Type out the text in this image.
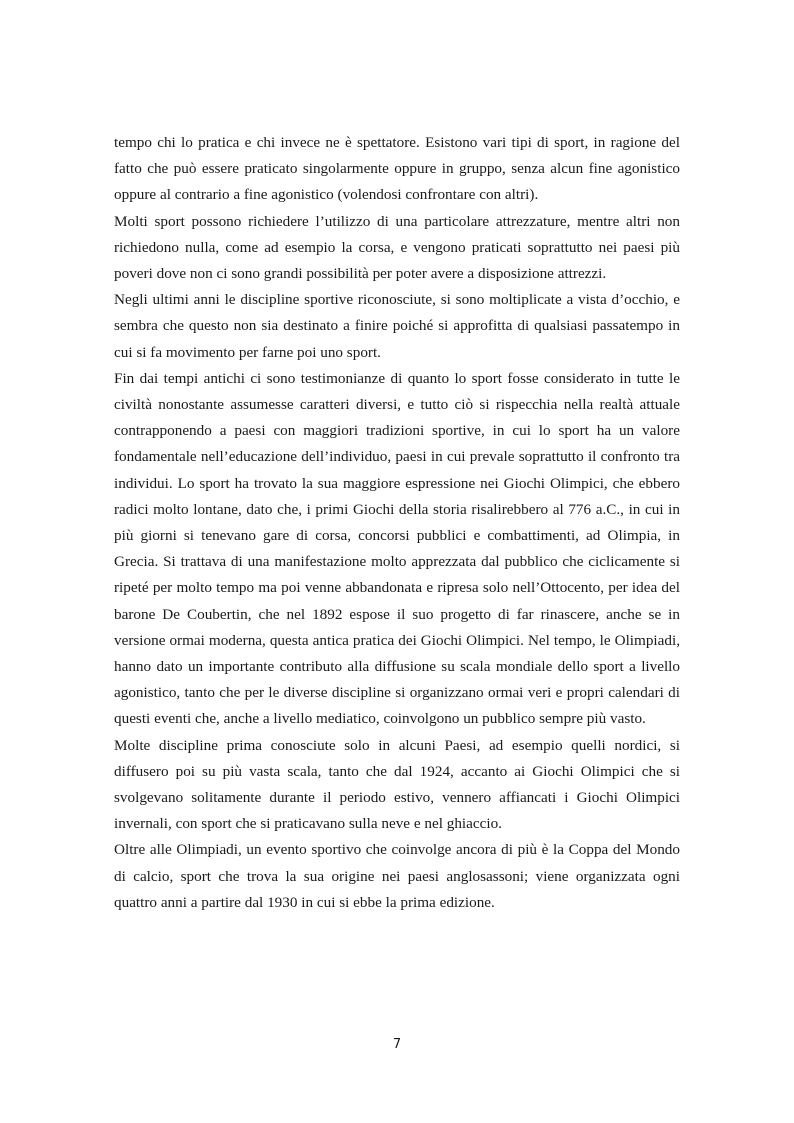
tempo chi lo pratica e chi invece ne è spettatore. Esistono vari tipi di sport, in ragione del fatto che può essere praticato singolarmente oppure in gruppo, senza alcun fine agonistico oppure al contrario a fine agonistico (volendosi confrontare con altri).

Molti sport possono richiedere l’utilizzo di una particolare attrezzature, mentre altri non richiedono nulla, come ad esempio la corsa, e vengono praticati soprattutto nei paesi più poveri dove non ci sono grandi possibilità per poter avere a disposizione attrezzi.

Negli ultimi anni le discipline sportive riconosciute, si sono moltiplicate a vista d’occhio, e sembra che questo non sia destinato a finire poiché si approfitta di qualsiasi passatempo in cui si fa movimento per farne poi uno sport.

Fin dai tempi antichi ci sono testimonianze di quanto lo sport fosse considerato in tutte le civiltà nonostante assumesse caratteri diversi, e tutto ciò si rispecchia nella realtà attuale contrapponendo a paesi con maggiori tradizioni sportive, in cui lo sport ha un valore fondamentale nell’educazione dell’individuo, paesi in cui prevale soprattutto il confronto tra individui. Lo sport ha trovato la sua maggiore espressione nei Giochi Olimpici, che ebbero radici molto lontane, dato che, i primi Giochi della storia risalirebbero al 776 a.C., in cui in più giorni si tenevano gare di corsa, concorsi pubblici e combattimenti, ad Olimpia, in Grecia. Si trattava di una manifestazione molto apprezzata dal pubblico che ciclicamente si ripeté per molto tempo ma poi venne abbandonata e ripresa solo nell’Ottocento, per idea del barone De Coubertin, che nel 1892 espose il suo progetto di far rinascere, anche se in versione ormai moderna, questa antica pratica dei Giochi Olimpici. Nel tempo, le Olimpiadi, hanno dato un importante contributo alla diffusione su scala mondiale dello sport a livello agonistico, tanto che per le diverse discipline si organizzano ormai veri e propri calendari di questi eventi che, anche a livello mediatico, coinvolgono un pubblico sempre più vasto.

Molte discipline prima conosciute solo in alcuni Paesi, ad esempio quelli nordici, si diffusero poi su più vasta scala, tanto che dal 1924, accanto ai Giochi Olimpici che si svolgevano solitamente durante il periodo estivo, vennero affiancati i Giochi Olimpici invernali, con sport che si praticavano sulla neve e nel ghiaccio.

Oltre alle Olimpiadi, un evento sportivo che coinvolge ancora di più è la Coppa del Mondo di calcio, sport che trova la sua origine nei paesi anglosassoni; viene organizzata ogni quattro anni a partire dal 1930 in cui si ebbe la prima edizione.

7
